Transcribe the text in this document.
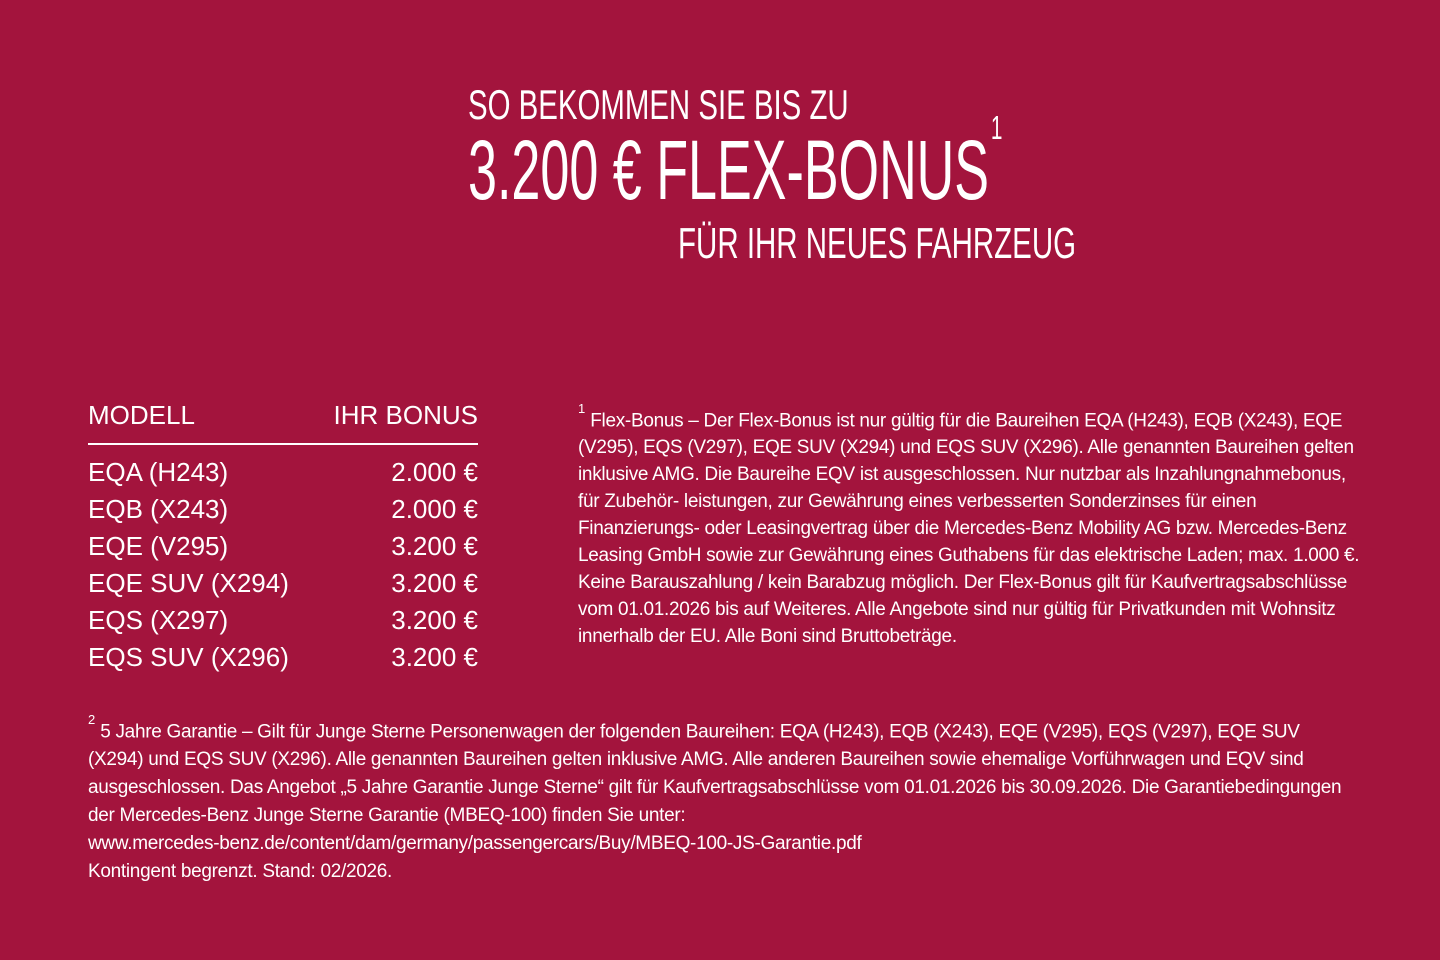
SO BEKOMMEN SIE BIS ZU
3.200 € FLEX-BONUS$^1$
FÜR IHR NEUES FAHRZEUG
MODELL	IHR BONUS
EQA (H243)	2.000 €
EQB (X243)	2.000 €
EQE (V295)	3.200 €
EQE SUV (X294)	3.200 €
EQS (X297)	3.200 €
EQS SUV (X296)	3.200 €
$^1$Flex-Bonus – Der Flex-Bonus ist nur gültig für die Baureihen EQA (H243), EQB (X243), EQE (V295), EQS (V297), EQE SUV (X294) und EQS SUV (X296). Alle genannten Baureihen gelten inklusive AMG. Die Baureihe EQV ist ausgeschlossen. Nur nutzbar als Inzahlungnahmebonus, für Zubehör- leistungen, zur Gewährung eines verbesserten Sonderzinses für einen Finanzierungs- oder Leasingvertrag über die Mercedes-Benz Mobility AG bzw. Mercedes-Benz Leasing GmbH sowie zur Gewährung eines Guthabens für das elektrische Laden; max. 1.000 €. Keine Barauszahlung / kein Barabzug möglich. Der Flex-Bonus gilt für Kaufvertragsabschlüsse vom 01.01.2026 bis auf Weiteres. Alle Angebote sind nur gültig für Privatkunden mit Wohnsitz innerhalb der EU. Alle Boni sind Bruttobeträge.
$^2$5 Jahre Garantie – Gilt für Junge Sterne Personenwagen der folgenden Baureihen: EQA (H243), EQB (X243), EQE (V295), EQS (V297), EQE SUV (X294) und EQS SUV (X296). Alle genannten Baureihen gelten inklusive AMG. Alle anderen Baureihen sowie ehemalige Vorführwagen und EQV sind ausgeschlossen. Das Angebot „5 Jahre Garantie Junge Sterne“ gilt für Kaufvertragsabschlüsse vom 01.01.2026 bis 30.09.2026. Die Garantiebedingungen der Mercedes-Benz Junge Sterne Garantie (MBEQ-100) finden Sie unter:
www.mercedes-benz.de/content/dam/germany/passengercars/Buy/MBEQ-100-JS-Garantie.pdf
Kontingent begrenzt. Stand: 02/2026.
